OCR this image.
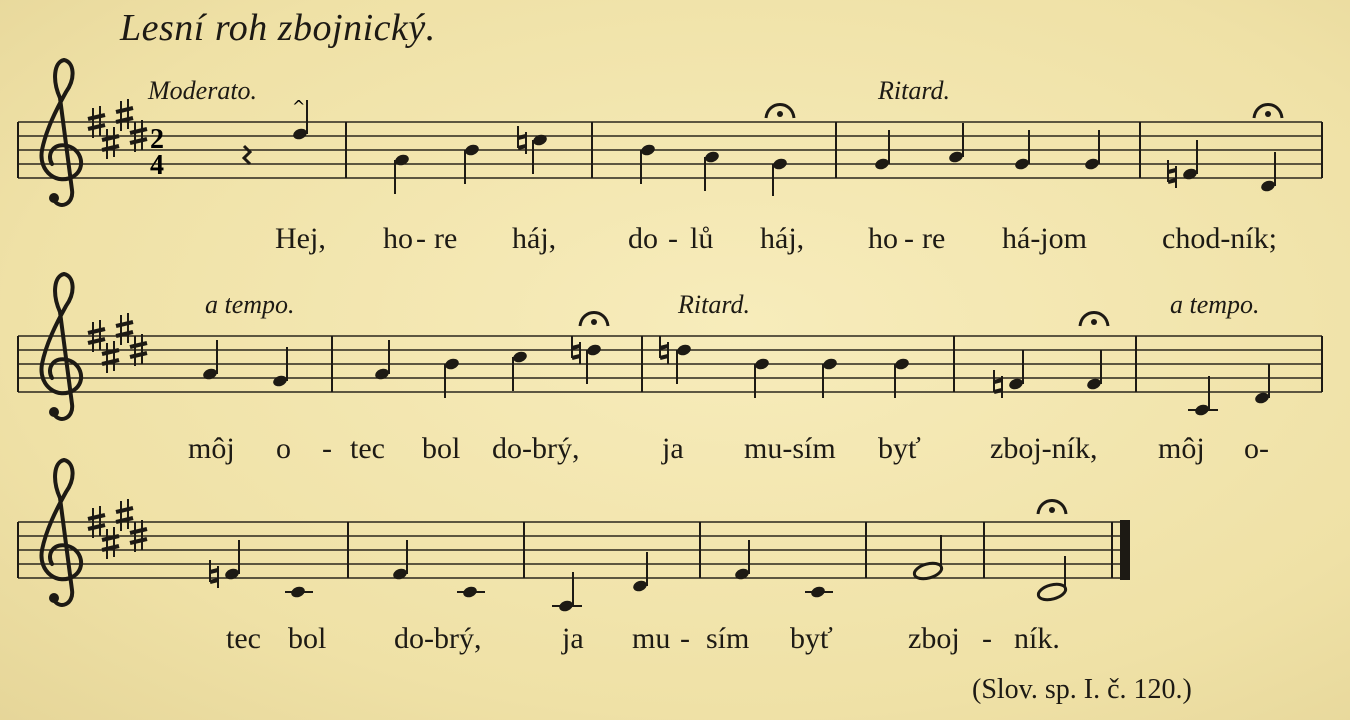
Lesní roh zbojnický.
Moderato.	Ritard.
a tempo.	Ritard.	a tempo.
2
4
^
Hej, ho - re háj, do - lů háj, ho - re há-jom	chod-ník;
môj o - tec bol do-brý,	ja mu-sím byť zboj-ník, môj o-
tec bol do-brý,	ja mu - sím byť	zboj - ník.
(Slov. sp. I. č. 120.)
